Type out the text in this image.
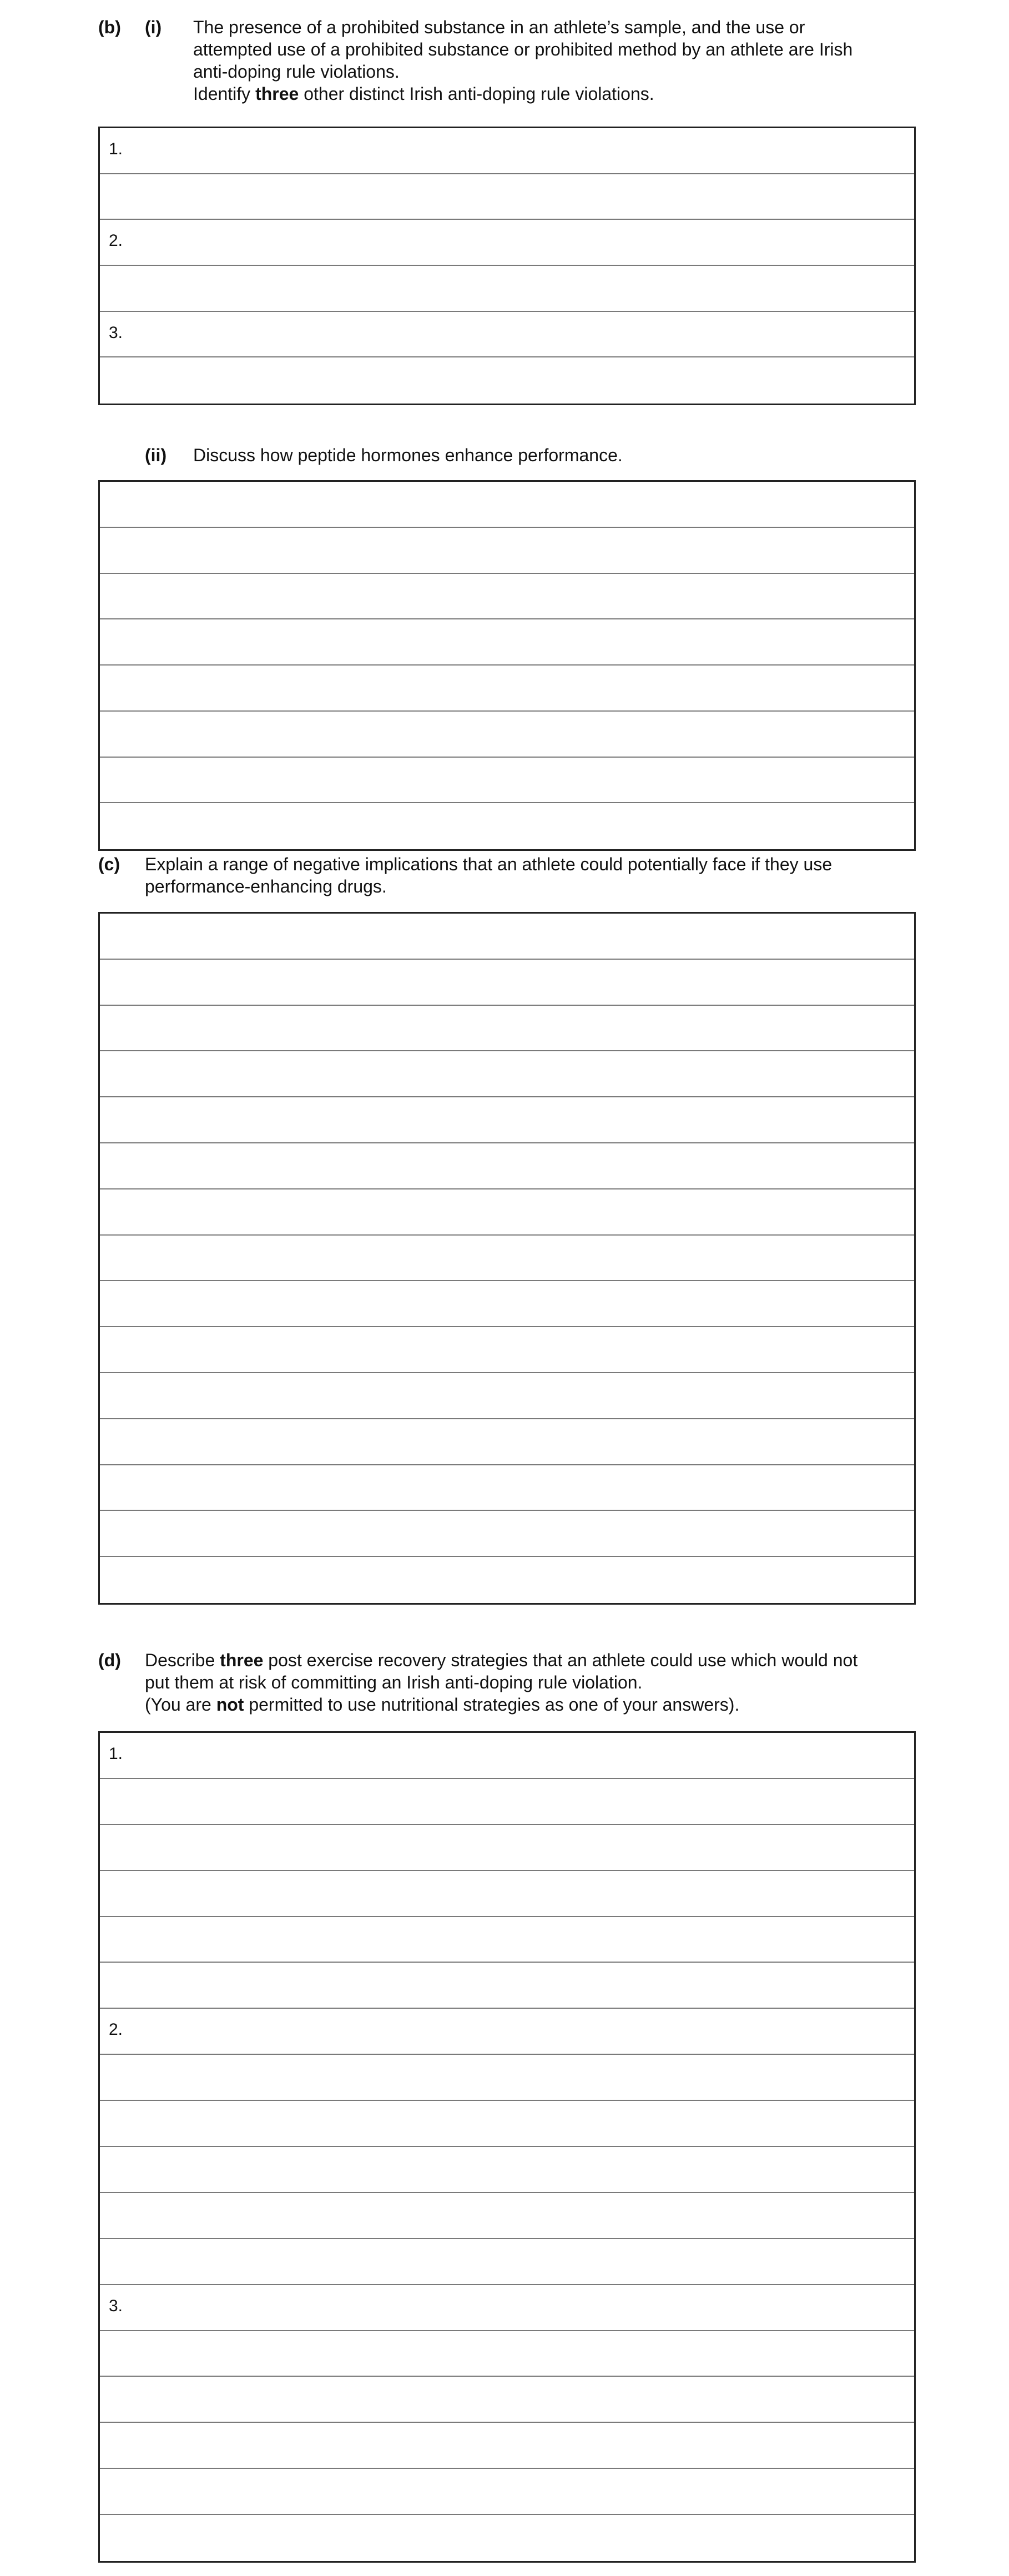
(b) (i) The presence of a prohibited substance in an athlete’s sample, and the use or
attempted use of a prohibited substance or prohibited method by an athlete are Irish
anti-doping rule violations.
Identify three other distinct Irish anti-doping rule violations.
1.
2.
3.
(ii) Discuss how peptide hormones enhance performance.
(c) Explain a range of negative implications that an athlete could potentially face if they use
performance-enhancing drugs.
(d) Describe three post exercise recovery strategies that an athlete could use which would not
put them at risk of committing an Irish anti-doping rule violation.
(You are not permitted to use nutritional strategies as one of your answers).
1.
2.
3.
